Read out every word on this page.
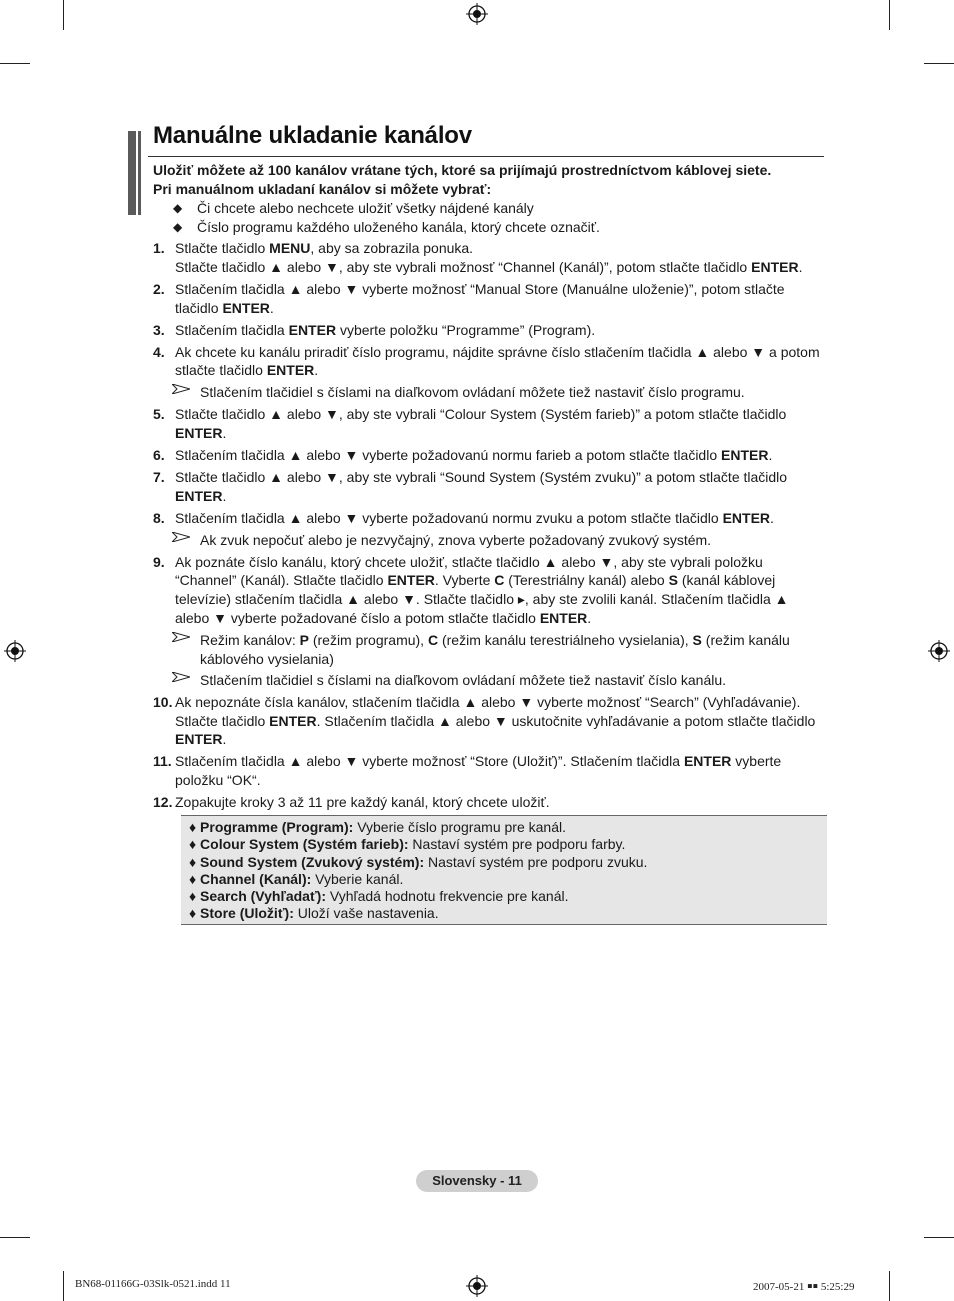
Manuálne ukladanie kanálov
Uložiť môžete až 100 kanálov vrátane tých, ktoré sa prijímajú prostredníctvom káblovej siete.
Pri manuálnom ukladaní kanálov si môžete vybrať:
◆ Či chcete alebo nechcete uložiť všetky nájdené kanály
◆ Číslo programu každého uloženého kanála, ktorý chcete označiť.
1. Stlačte tlačidlo MENU, aby sa zobrazila ponuka.
Stlačte tlačidlo ▲ alebo ▼, aby ste vybrali možnosť “Channel (Kanál)”, potom stlačte tlačidlo ENTER.
2. Stlačením tlačidla ▲ alebo ▼ vyberte možnosť “Manual Store (Manuálne uloženie)”, potom stlačte tlačidlo ENTER.
3. Stlačením tlačidla ENTER vyberte položku “Programme” (Program).
4. Ak chcete ku kanálu priradiť číslo programu, nájdite správne číslo stlačením tlačidla ▲ alebo ▼ a potom stlačte tlačidlo ENTER.
Stlačením tlačidiel s číslami na diaľkovom ovládaní môžete tiež nastaviť číslo programu.
5. Stlačte tlačidlo ▲ alebo ▼, aby ste vybrali “Colour System (Systém farieb)” a potom stlačte tlačidlo ENTER.
6. Stlačením tlačidla ▲ alebo ▼ vyberte požadovanú normu farieb a potom stlačte tlačidlo ENTER.
7. Stlačte tlačidlo ▲ alebo ▼, aby ste vybrali “Sound System (Systém zvuku)” a potom stlačte tlačidlo ENTER.
8. Stlačením tlačidla ▲ alebo ▼ vyberte požadovanú normu zvuku a potom stlačte tlačidlo ENTER.
Ak zvuk nepočuť alebo je nezvyčajný, znova vyberte požadovaný zvukový systém.
9. Ak poznáte číslo kanálu, ktorý chcete uložiť, stlačte tlačidlo ▲ alebo ▼, aby ste vybrali položku “Channel” (Kanál). Stlačte tlačidlo ENTER. Vyberte C (Terestriálny kanál) alebo S (kanál káblovej televízie) stlačením tlačidla ▲ alebo ▼. Stlačte tlačidlo ▸, aby ste zvolili kanál. Stlačením tlačidla ▲ alebo ▼ vyberte požadované číslo a potom stlačte tlačidlo ENTER.
Režim kanálov: P (režim programu), C (režim kanálu terestriálneho vysielania), S (režim kanálu káblového vysielania)
Stlačením tlačidiel s číslami na diaľkovom ovládaní môžete tiež nastaviť číslo kanálu.
10. Ak nepoznáte čísla kanálov, stlačením tlačidla ▲ alebo ▼ vyberte možnosť “Search” (Vyhľadávanie). Stlačte tlačidlo ENTER. Stlačením tlačidla ▲ alebo ▼ uskutočnite vyhľadávanie a potom stlačte tlačidlo ENTER.
11. Stlačením tlačidla ▲ alebo ▼ vyberte možnosť “Store (Uložiť)”. Stlačením tlačidla ENTER vyberte položku “OK“.
12. Zopakujte kroky 3 až 11 pre každý kanál, ktorý chcete uložiť.
♦ Programme (Program): Vyberie číslo programu pre kanál.
♦ Colour System (Systém farieb): Nastaví systém pre podporu farby.
♦ Sound System (Zvukový systém): Nastaví systém pre podporu zvuku.
♦ Channel (Kanál): Vyberie kanál.
♦ Search (Vyhľadať): Vyhľadá hodnotu frekvencie pre kanál.
♦ Store (Uložiť): Uloží vaše nastavenia.
Slovensky - 11
BN68-01166G-03Slk-0521.indd 11	2007-05-21 ￭￭ 5:25:29
